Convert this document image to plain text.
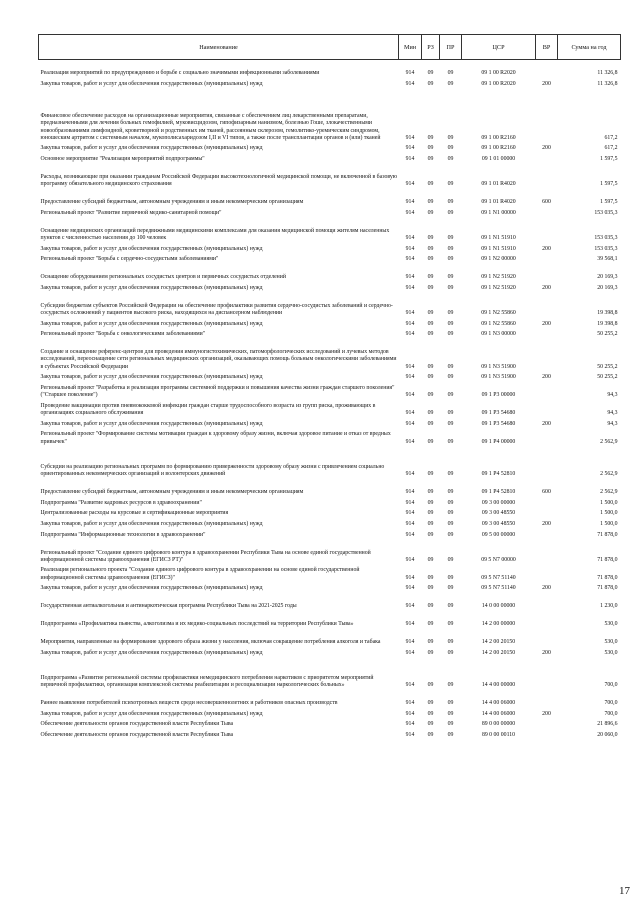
Наименование	Мин	РЗ	ПР	ЦСР	ВР	Сумма на год
Реализация мероприятий по предупреждению и борьбе с социально значимыми инфекционными заболеваниями	914	09	09	09 1 00 R2020		11 326,8
Закупка товаров, работ и услуг для обеспечения государственных (муниципальных) нужд	914	09	09	09 1 00 R2020	200	11 326,8
Финансовое обеспечение расходов на организационные мероприятия, связанные с обеспечением лиц лекарственными препаратами, предназначенными для лечения больных гемофилией, муковисцидозом, гипофизарным нанизмом, болезнью Гоше, злокачественными новообразованиями лимфоидной, кроветворной и родственных им тканей, рассеянным склерозом, гемолитико-уремическим синдромом, юношеским артритом с системным началом, мукополисахаридозом I,II и VI типов, а также после трансплантации органов и (или) тканей	914	09	09	09 1 00 R2160		617,2
Закупка товаров, работ и услуг для обеспечения государственных (муниципальных) нужд	914	09	09	09 1 00 R2160	200	617,2
Основное мероприятие "Реализация мероприятий подпрограммы"	914	09	09	09 1 01 00000		1 597,5
Расходы, возникающие при оказании гражданам Российской Федерации высокотехнологичной медицинской помощи, не включенной в базовую программу обязательного медицинского страхования	914	09	09	09 1 01 R4020		1 597,5
Предоставление субсидий бюджетным, автономным учреждениям и иным некоммерческим организациям	914	09	09	09 1 01 R4020	600	1 597,5
Региональный проект "Развитие первичной медико-санитарной помощи"	914	09	09	09 1 N1 00000		153 035,3
Оснащение медицинских организаций передвижными медицинскими комплексами для оказания медицинской помощи жителям населенных пунктов с численностью населения до 100 человек	914	09	09	09 1 N1 51910		153 035,3
Закупка товаров, работ и услуг для обеспечения государственных (муниципальных) нужд	914	09	09	09 1 N1 51910	200	153 035,3
Региональный проект "Борьба с сердечно-сосудистыми заболеваниями"	914	09	09	09 1 N2 00000		39 568,1
Оснащение оборудованием региональных сосудистых центров и первичных сосудистых отделений	914	09	09	09 1 N2 51920		20 169,3
Закупка товаров, работ и услуг для обеспечения государственных (муниципальных) нужд	914	09	09	09 1 N2 51920	200	20 169,3
Субсидии бюджетам субъектов Российской Федерации на обеспечение профилактики развития сердечно-сосудистых заболеваний и сердечно-сосудистых осложнений у пациентов высокого риска, находящихся на диспансерном наблюдении	914	09	09	09 1 N2 55860		19 398,8
Закупка товаров, работ и услуг для обеспечения государственных (муниципальных) нужд	914	09	09	09 1 N2 55860	200	19 398,8
Региональный проект "Борьба с онкологическими заболеваниями"	914	09	09	09 1 N3 00000		50 255,2
Создание и оснащение референс-центров для проведения иммуногистохимических, патоморфологических исследований и лучевых методов исследований, переоснащение сети региональных медицинских организаций, оказывающих помощь больным онкологическими заболеваниями в субъектах Российской Федерации	914	09	09	09 1 N3 51900		50 255,2
Закупка товаров, работ и услуг для обеспечения государственных (муниципальных) нужд	914	09	09	09 1 N3 51900	200	50 255,2
Региональный проект "Разработка и реализация программы системной поддержки и повышения качества жизни граждан старшего поколения" ("Старшее поколение")	914	09	09	09 1 P3 00000		94,3
Проведение вакцинации против пневмококковой инфекции граждан старше трудоспособного возраста из групп риска, проживающих в организациях социального обслуживания	914	09	09	09 1 P3 54680		94,3
Закупка товаров, работ и услуг для обеспечения государственных (муниципальных) нужд	914	09	09	09 1 P3 54680	200	94,3
Региональный проект "Формирование системы мотивации граждан к здоровому образу жизни, включая здоровое питание и отказ от вредных привычек"	914	09	09	09 1 P4 00000		2 562,9
Субсидии на реализацию региональных программ по формированию приверженности здоровому образу жизни с привлечением социально ориентированных некоммерческих организаций и волонтерских движений	914	09	09	09 1 P4 52810		2 562,9
Предоставление субсидий бюджетным, автономным учреждениям и иным некоммерческим организациям	914	09	09	09 1 P4 52810	600	2 562,9
Подпрограмма "Развитие кадровых ресурсов в здравоохранении"	914	09	09	09 3 00 00000		1 500,0
Централизованные расходы на курсовые и сертификационные мероприятия	914	09	09	09 3 00 48550		1 500,0
Закупка товаров, работ и услуг для обеспечения государственных (муниципальных) нужд	914	09	09	09 3 00 48550	200	1 500,0
Подпрограмма "Информационные технологии в здравоохранении"	914	09	09	09 5 00 00000		71 878,0
Региональный проект "Создание единого цифрового контура в здравоохранении Республики Тыва на основе единой государственной информационной системы здравоохранения (ЕГИСЗ РТ)"	914	09	09	09 5 N7 00000		71 878,0
Реализация регионального проекта "Создание единого цифрового контура в здравоохранении на основе единой государственной информационной системы здравоохранения (ЕГИСЗ)"	914	09	09	09 5 N7 51140		71 878,0
Закупка товаров, работ и услуг для обеспечения государственных (муниципальных) нужд	914	09	09	09 5 N7 51140	200	71 878,0
Государственная антиалкогольная и антинаркотическая программа Республики Тыва на 2021-2025 годы	914	09	09	14 0 00 00000		1 230,0
Подпрограмма «Профилактика пьянства, алкоголизма и их медико-социальных последствий на территории Республики Тыва»	914	09	09	14 2 00 00000		530,0
Мероприятия, направленные на формирование здорового образа жизни у населения, включая сокращение потребления алкоголя и табака	914	09	09	14 2 00 20150		530,0
Закупка товаров, работ и услуг для обеспечения государственных (муниципальных) нужд	914	09	09	14 2 00 20150	200	530,0
Подпрограмма «Развитие региональной системы профилактики немедицинского потребления наркотиков с приоритетом мероприятий первичной профилактики, организация комплексной системы реабилитации и ресоциализации наркологических больных»	914	09	09	14 4 00 00000		700,0
Раннее выявление потребителей психотропных веществ среди несовершеннолетних и работников опасных производств	914	09	09	14 4 00 06000		700,0
Закупка товаров, работ и услуг для обеспечения государственных (муниципальных) нужд	914	09	09	14 4 00 06000	200	700,0
Обеспечение деятельности органов государственной власти Республики Тыва	914	09	09	89 0 00 00000		21 896,6
Обеспечение деятельности органов государственной власти Республики Тыва	914	09	09	89 0 00 00110		20 060,0
17
